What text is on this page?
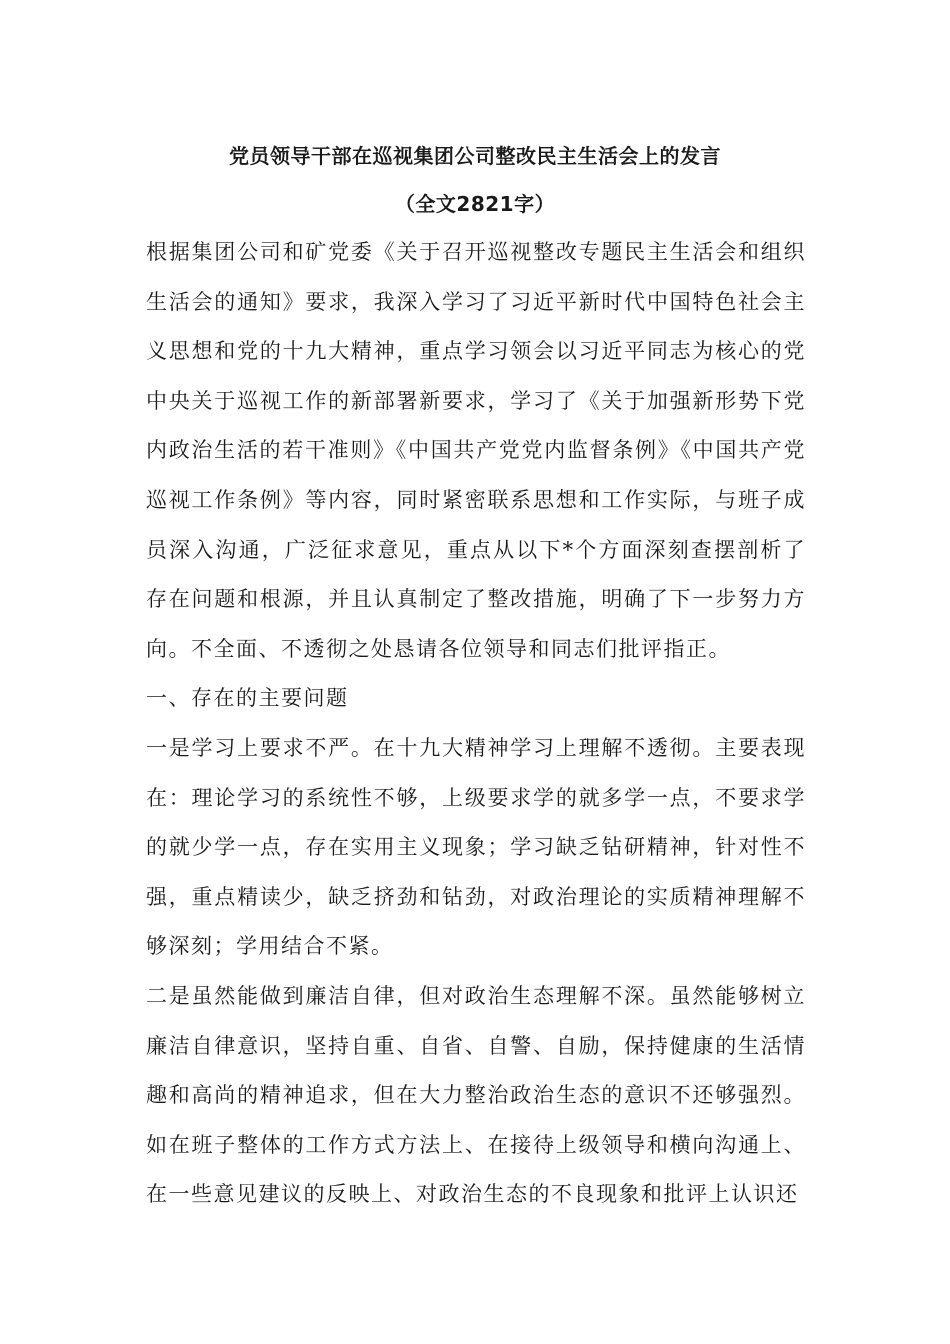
党员领导干部在巡视集团公司整改民主生活会上的发言
（全文2821字）

根据集团公司和矿党委《关于召开巡视整改专题民主生活会和组织生活会的通知》要求，我深入学习了习近平新时代中国特色社会主义思想和党的十九大精神，重点学习领会以习近平同志为核心的党中央关于巡视工作的新部署新要求，学习了《关于加强新形势下党内政治生活的若干准则》《中国共产党党内监督条例》《中国共产党巡视工作条例》等内容，同时紧密联系思想和工作实际，与班子成员深入沟通，广泛征求意见，重点从以下*个方面深刻查摆剖析了存在问题和根源，并且认真制定了整改措施，明确了下一步努力方向。不全面、不透彻之处恳请各位领导和同志们批评指正。

一、存在的主要问题

一是学习上要求不严。在十九大精神学习上理解不透彻。主要表现在：理论学习的系统性不够，上级要求学的就多学一点，不要求学的就少学一点，存在实用主义现象；学习缺乏钻研精神，针对性不强，重点精读少，缺乏挤劲和钻劲，对政治理论的实质精神理解不够深刻；学用结合不紧。

二是虽然能做到廉洁自律，但对政治生态理解不深。虽然能够树立廉洁自律意识，坚持自重、自省、自警、自励，保持健康的生活情趣和高尚的精神追求，但在大力整治政治生态的意识不还够强烈。如在班子整体的工作方式方法上、在接待上级领导和横向沟通上、在一些意见建议的反映上、对政治生态的不良现象和批评上认识还
